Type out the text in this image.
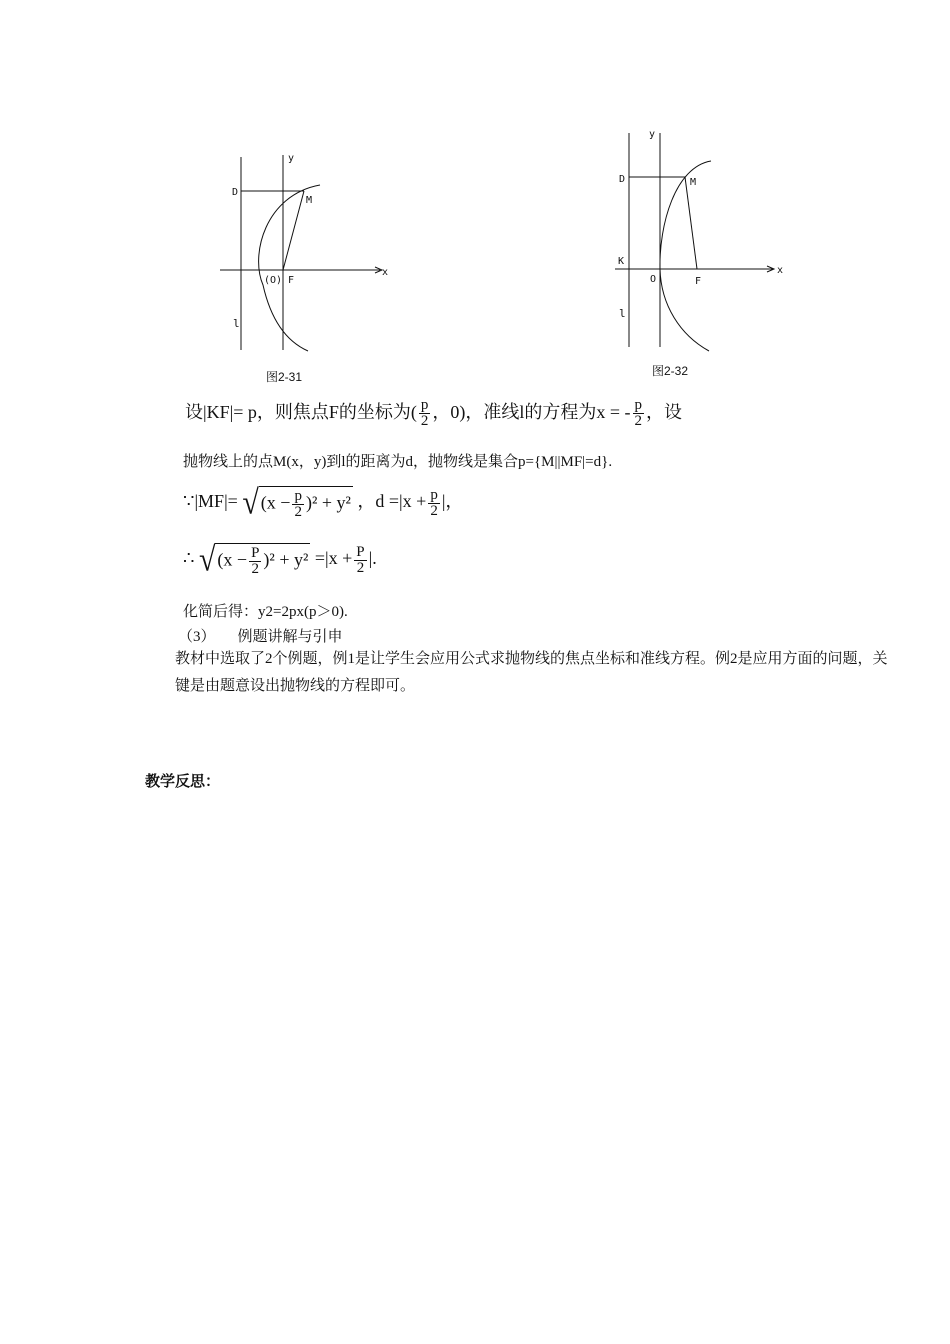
y
x
D
M
(O) F
l
图2-31
y
x
D	M
K
O	F
l
图2-32
设|KF|= p，则焦点F的坐标为( $\frac{p}{2}$ ，0)，准线l的方程为x = - $\frac{p}{2}$ ，设
抛物线上的点M(x，y)到l的距离为d，抛物线是集合p={M||MF|=d}.
∵|MF|= √ $(x - \frac{p}{2} )^2 + y^2$ ，$d =|x + \frac{p}{2}$ |，
∴ √ $(x - \frac{P}{2} )^2 + y^2 =|x + \frac{P}{2}$ |.
化简后得：y2=2px(p＞0).
（3） 例题讲解与引申
教材中选取了2个例题，例1是让学生会应用公式求抛物线的焦点坐标和准线方程。例2是应用方面的问题，关键是由题意设出抛物线的方程即可。
教学反思：
